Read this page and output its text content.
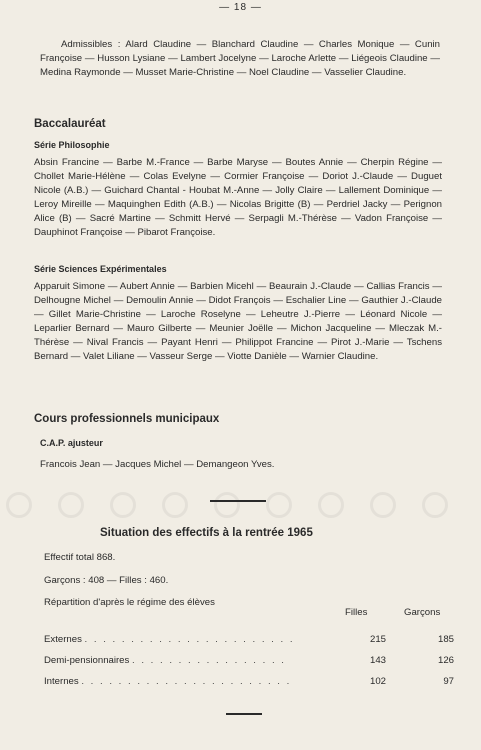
— 18 —
Admissibles : Alard Claudine — Blanchard Claudine — Charles Monique — Cunin Françoise — Husson Lysiane — Lambert Jocelyne — Laroche Arlette — Liégeois Claudine — Medina Raymonde — Musset Marie-Christine — Noel Claudine — Vasselier Claudine.
Baccalauréat
Série Philosophie
Absin Francine — Barbe M.-France — Barbe Maryse — Boutes Annie — Cherpin Régine — Chollet Marie-Hélène — Colas Evelyne — Cormier Françoise — Doriot J.-Claude — Duguet Nicole (A.B.) — Guichard Chantal - Houbat M.-Anne — Jolly Claire — Lallement Dominique — Leroy Mireille — Maquinghen Edith (A.B.) — Nicolas Brigitte (B) — Perdriel Jacky — Perignon Alice (B) — Sacré Martine — Schmitt Hervé — Serpagli M.-Thérèse — Vadon Françoise — Dauphinot Françoise — Pibarot Françoise.
Série Sciences Expérimentales
Apparuit Simone — Aubert Annie — Barbien Micehl — Beaurain J.-Claude — Callias Francis — Delhougne Michel — Demoulin Annie — Didot François — Eschalier Line — Gauthier J.-Claude — Gillet Marie-Christine — Laroche Roselyne — Leheutre J.-Pierre — Léonard Nicole — Leparlier Bernard — Mauro Gilberte — Meunier Joëlle — Michon Jacqueline — Mleczak M.-Thérèse — Nival Francis — Payant Henri — Philippot Francine — Pirot J.-Marie — Tschens Bernard — Valet Liliane — Vasseur Serge — Viotte Danièle — Warnier Claudine.
Cours professionnels municipaux
C.A.P. ajusteur
Francois Jean — Jacques Michel — Demangeon Yves.
Situation des effectifs à la rentrée 1965
Effectif total 868.
Garçons : 408 — Filles : 460.
Répartition d'après le régime des élèves
Filles	Garçons
Externes . . . . . . . . . . . . . . . . . . . . . . .	215	185
Demi-pensionnaires . . . . . . . . . . . . . . . . .	143	126
Internes . . . . . . . . . . . . . . . . . . . . . . .	102	97
